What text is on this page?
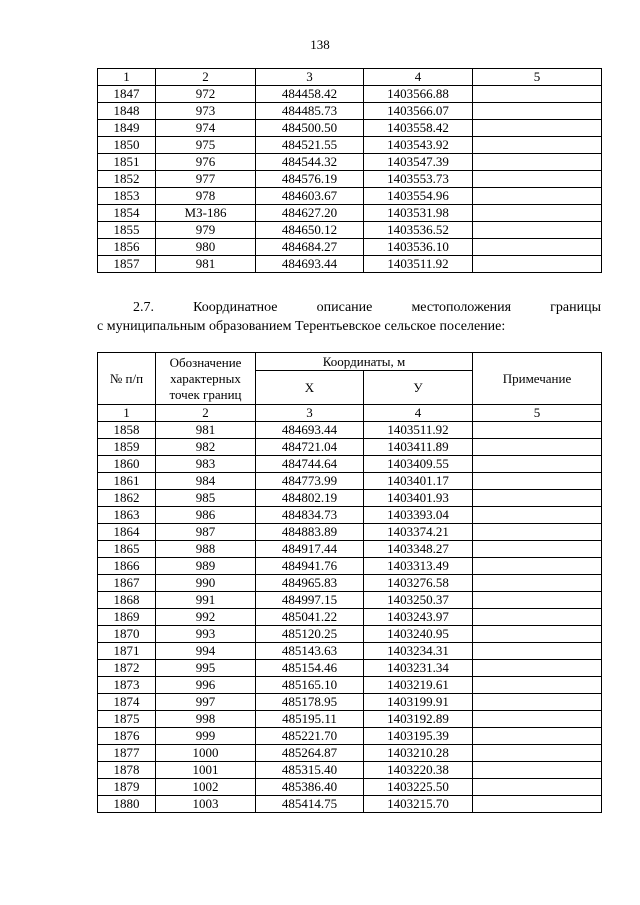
138
1	2	3	4	5
1847	972	484458.42	1403566.88	
1848	973	484485.73	1403566.07	
1849	974	484500.50	1403558.42	
1850	975	484521.55	1403543.92	
1851	976	484544.32	1403547.39	
1852	977	484576.19	1403553.73	
1853	978	484603.67	1403554.96	
1854	МЗ-186	484627.20	1403531.98	
1855	979	484650.12	1403536.52	
1856	980	484684.27	1403536.10	
1857	981	484693.44	1403511.92	
2.7.	Координатное	описание	местоположения	границы
с муниципальным образованием Терентьевское сельское поселение:
№ п/п	Обозначение характерных точек границ	Координаты, м		Примечание
		Х	У	
1	2	3	4	5
1858	981	484693.44	1403511.92	
1859	982	484721.04	1403411.89	
1860	983	484744.64	1403409.55	
1861	984	484773.99	1403401.17	
1862	985	484802.19	1403401.93	
1863	986	484834.73	1403393.04	
1864	987	484883.89	1403374.21	
1865	988	484917.44	1403348.27	
1866	989	484941.76	1403313.49	
1867	990	484965.83	1403276.58	
1868	991	484997.15	1403250.37	
1869	992	485041.22	1403243.97	
1870	993	485120.25	1403240.95	
1871	994	485143.63	1403234.31	
1872	995	485154.46	1403231.34	
1873	996	485165.10	1403219.61	
1874	997	485178.95	1403199.91	
1875	998	485195.11	1403192.89	
1876	999	485221.70	1403195.39	
1877	1000	485264.87	1403210.28	
1878	1001	485315.40	1403220.38	
1879	1002	485386.40	1403225.50	
1880	1003	485414.75	1403215.70	
